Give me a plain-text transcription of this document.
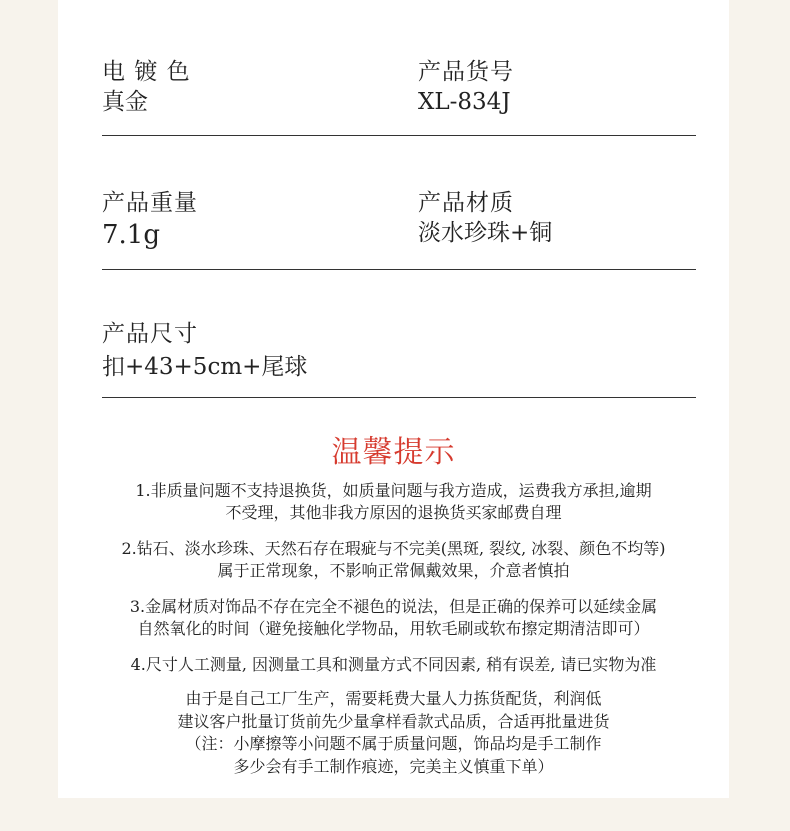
电 镀 色
真金
产品货号
XL-834J
产品重量
7.1g
产品材质
淡水珍珠+铜
产品尺寸
扣+43+5cm+尾球
温馨提示

1.非质量问题不支持退换货，如质量问题与我方造成，运费我方承担,逾期

不受理，其他非我方原因的退换货买家邮费自理

2.钻石、淡水珍珠、天然石存在瑕疵与不完美(黑斑, 裂纹, 冰裂、颜色不均等)

属于正常现象，不影响正常佩戴效果，介意者慎拍

3.金属材质对饰品不存在完全不褪色的说法，但是正确的保养可以延续金属

自然氧化的时间（避免接触化学物品，用软毛刷或软布擦定期清洁即可）

4.尺寸人工测量, 因测量工具和测量方式不同因素, 稍有误差, 请已实物为准

由于是自己工厂生产，需要耗费大量人力拣货配货，利润低

建议客户批量订货前先少量拿样看款式品质，合适再批量进货

（注：小摩擦等小问题不属于质量问题，饰品均是手工制作

多少会有手工制作痕迹，完美主义慎重下单）
